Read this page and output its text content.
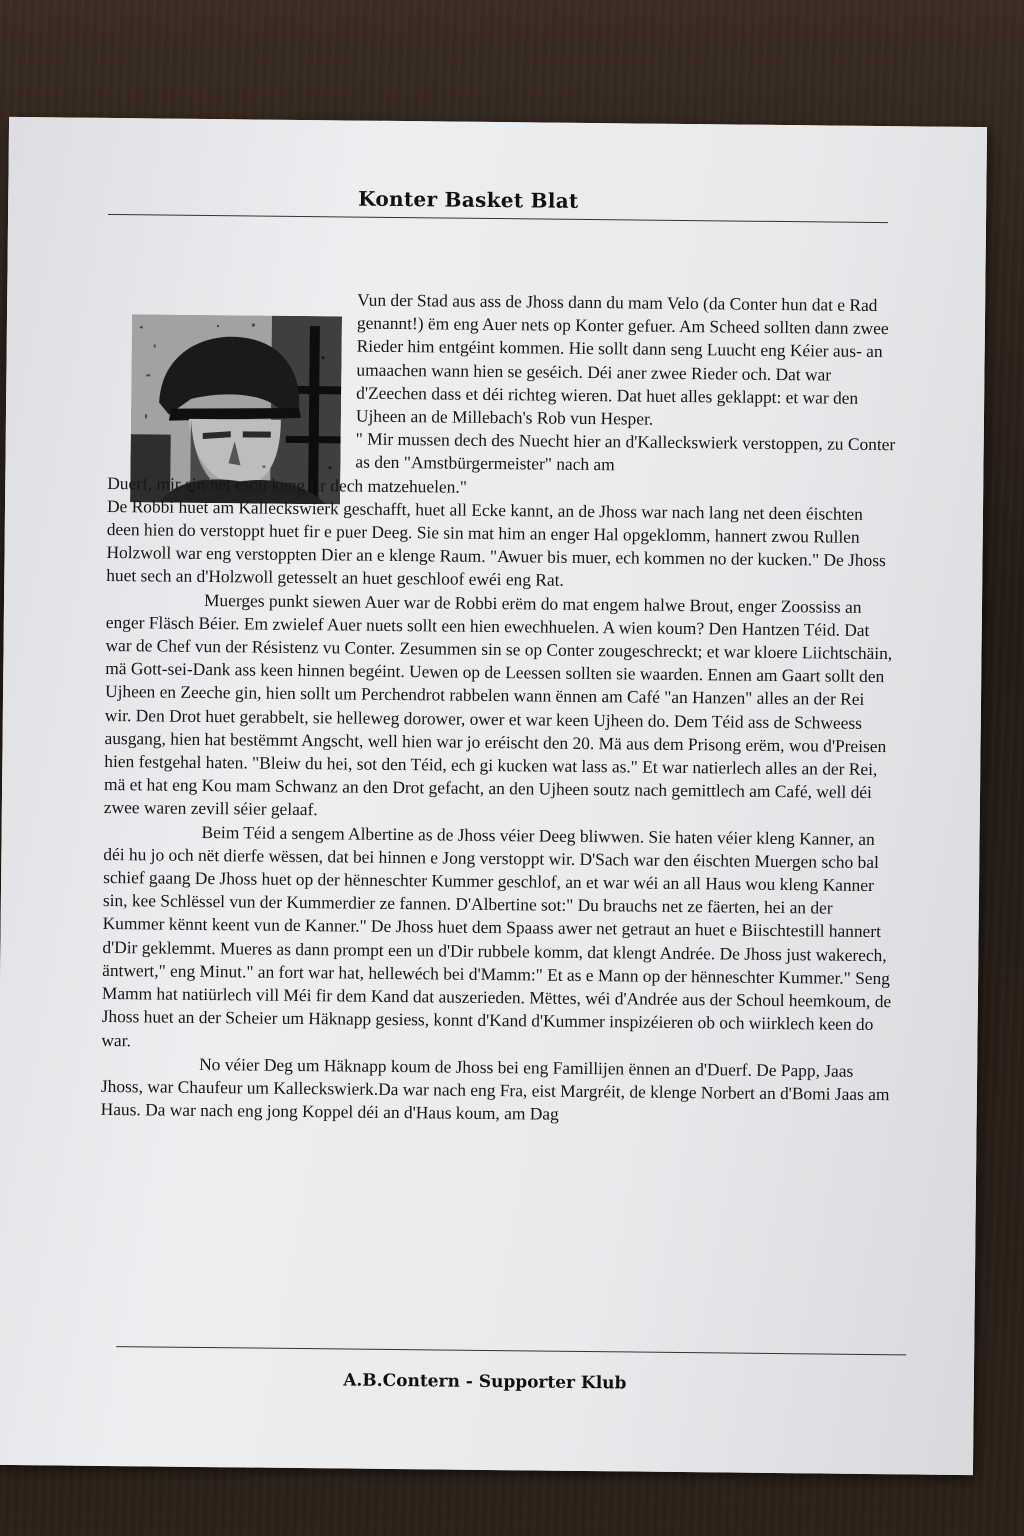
Konter Basket Blat

Vun der Stad aus ass de Jhoss dann du mam Velo (da Conter hun dat e Rad genannt!) ëm eng Auer nets op Konter gefuer. Am Scheed sollten dann zwee Rieder him entgéint kommen. Hie sollt dann seng Luucht eng Kéier aus- an umaachen wann hien se geséich. Déi aner zwee Rieder och. Dat war d'Zeechen dass et déi richteg wieren. Dat huet alles geklappt: et war den Ujheen an de Millebach's Rob vun Hesper.

" Mir mussen dech des Nuecht hier an d'Kalleckswierk verstoppen, zu Conter as den "Amstbürgermeister" nach am

Duerf, mir sin net esou keng fir dech matzehuelen."

De Robbi huet am Kalleckswierk geschafft, huet all Ecke kannt, an de Jhoss war nach lang net deen éischten deen hien do verstoppt huet fir e puer Deeg. Sie sin mat him an enger Hal opgeklomm, hannert zwou Rullen Holzwoll war eng verstoppten Dier an e klenge Raum. "Awuer bis muer, ech kommen no der kucken." De Jhoss huet sech an d'Holzwoll getesselt an huet geschloof ewéi eng Rat.

Muerges punkt siewen Auer war de Robbi erëm do mat engem halwe Brout, enger Zoossiss an enger Fläsch Béier. Em zwielef Auer nuets sollt een hien ewechhuelen. A wien koum? Den Hantzen Téid. Dat war de Chef vun der Résistenz vu Conter. Zesummen sin se op Conter zougeschreckt; et war kloere Liichtschäin, mä Gott-sei-Dank ass keen hinnen begéint. Uewen op de Leessen sollten sie waarden. Ennen am Gaart sollt den Ujheen en Zeeche gin, hien sollt um Perchendrot rabbelen wann ënnen am Café "an Hanzen" alles an der Rei wir. Den Drot huet gerabbelt, sie helleweg dorower, ower et war keen Ujheen do. Dem Téid ass de Schweess ausgang, hien hat bestëmmt Angscht, well hien war jo eréischt den 20. Mä aus dem Prisong erëm, wou d'Preisen hien festgehal haten. "Bleiw du hei, sot den Téid, ech gi kucken wat lass as." Et war natierlech alles an der Rei, mä et hat eng Kou mam Schwanz an den Drot gefacht, an den Ujheen soutz nach gemittlech am Café, well déi zwee waren zevill séier gelaaf.

Beim Téid a sengem Albertine as de Jhoss véier Deeg bliwwen. Sie haten véier kleng Kanner, an déi hu jo och nët dierfe wëssen, dat bei hinnen e Jong verstoppt wir. D'Sach war den éischten Muergen scho bal schief gaang De Jhoss huet op der hënneschter Kummer geschlof, an et war wéi an all Haus wou kleng Kanner sin, kee Schlëssel vun der Kummerdier ze fannen. D'Albertine sot:" Du brauchs net ze fäerten, hei an der Kummer kënnt keent vun de Kanner." De Jhoss huet dem Spaass awer net getraut an huet e Biischtestill hannert d'Dir geklemmt. Mueres as dann prompt een un d'Dir rubbele komm, dat klengt Andrée. De Jhoss just wakerech, äntwert," eng Minut." an fort war hat, hellewéch bei d'Mamm:" Et as e Mann op der hënneschter Kummer." Seng Mamm hat natiürlech vill Méi fir dem Kand dat auszerieden. Mëttes, wéi d'Andrée aus der Schoul heemkoum, de Jhoss huet an der Scheier um Häknapp gesiess, konnt d'Kand d'Kummer inspizéieren ob och wiirklech keen do war.

No véier Deg um Häknapp koum de Jhoss bei eng Famillijen ënnen an d'Duerf. De Papp, Jaas Jhoss, war Chaufeur um Kalleckswierk.Da war nach eng Fra, eist Margréit, de klenge Norbert an d'Bomi Jaas am Haus. Da war nach eng jong Koppel déi an d'Haus koum, am Dag

A.B.Contern - Supporter Klub
